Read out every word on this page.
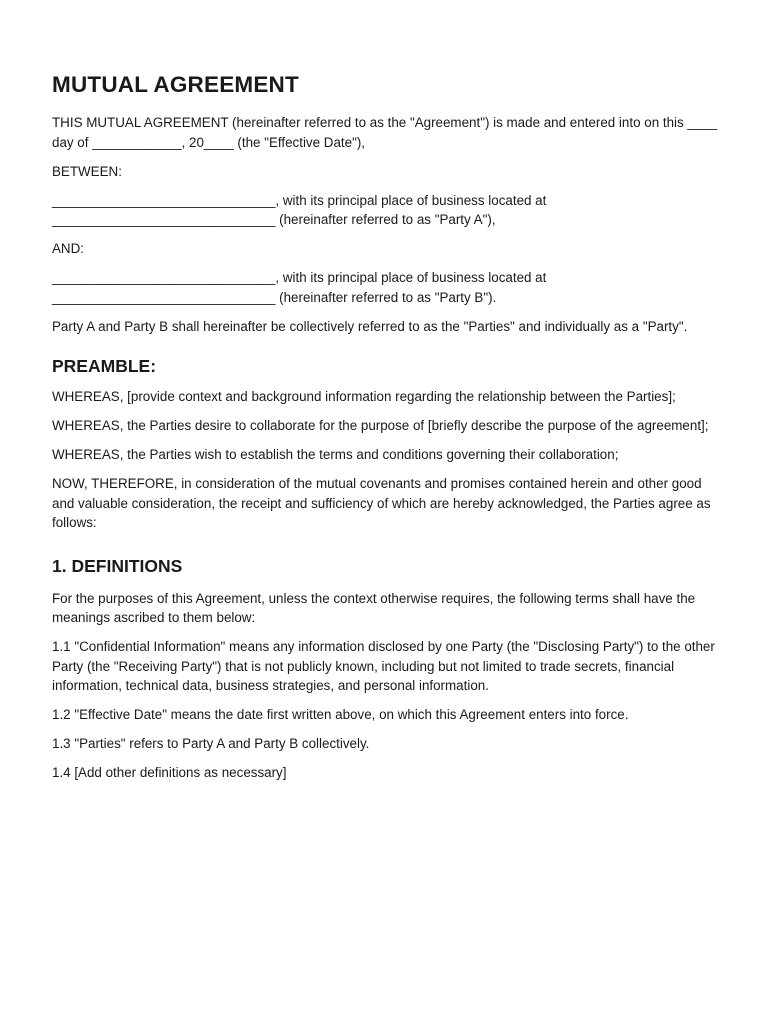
MUTUAL AGREEMENT

THIS MUTUAL AGREEMENT (hereinafter referred to as the "Agreement") is made and entered into on this ____ day of ____________, 20____ (the "Effective Date"),

BETWEEN:

______________________________, with its principal place of business located at
______________________________ (hereinafter referred to as "Party A"),

AND:

______________________________, with its principal place of business located at
______________________________ (hereinafter referred to as "Party B").

Party A and Party B shall hereinafter be collectively referred to as the "Parties" and individually as a "Party".

PREAMBLE:

WHEREAS, [provide context and background information regarding the relationship between the Parties];

WHEREAS, the Parties desire to collaborate for the purpose of [briefly describe the purpose of the agreement];

WHEREAS, the Parties wish to establish the terms and conditions governing their collaboration;

NOW, THEREFORE, in consideration of the mutual covenants and promises contained herein and other good and valuable consideration, the receipt and sufficiency of which are hereby acknowledged, the Parties agree as follows:

1. DEFINITIONS

For the purposes of this Agreement, unless the context otherwise requires, the following terms shall have the meanings ascribed to them below:

1.1 "Confidential Information" means any information disclosed by one Party (the "Disclosing Party") to the other Party (the "Receiving Party") that is not publicly known, including but not limited to trade secrets, financial information, technical data, business strategies, and personal information.

1.2 "Effective Date" means the date first written above, on which this Agreement enters into force.

1.3 "Parties" refers to Party A and Party B collectively.

1.4 [Add other definitions as necessary]
